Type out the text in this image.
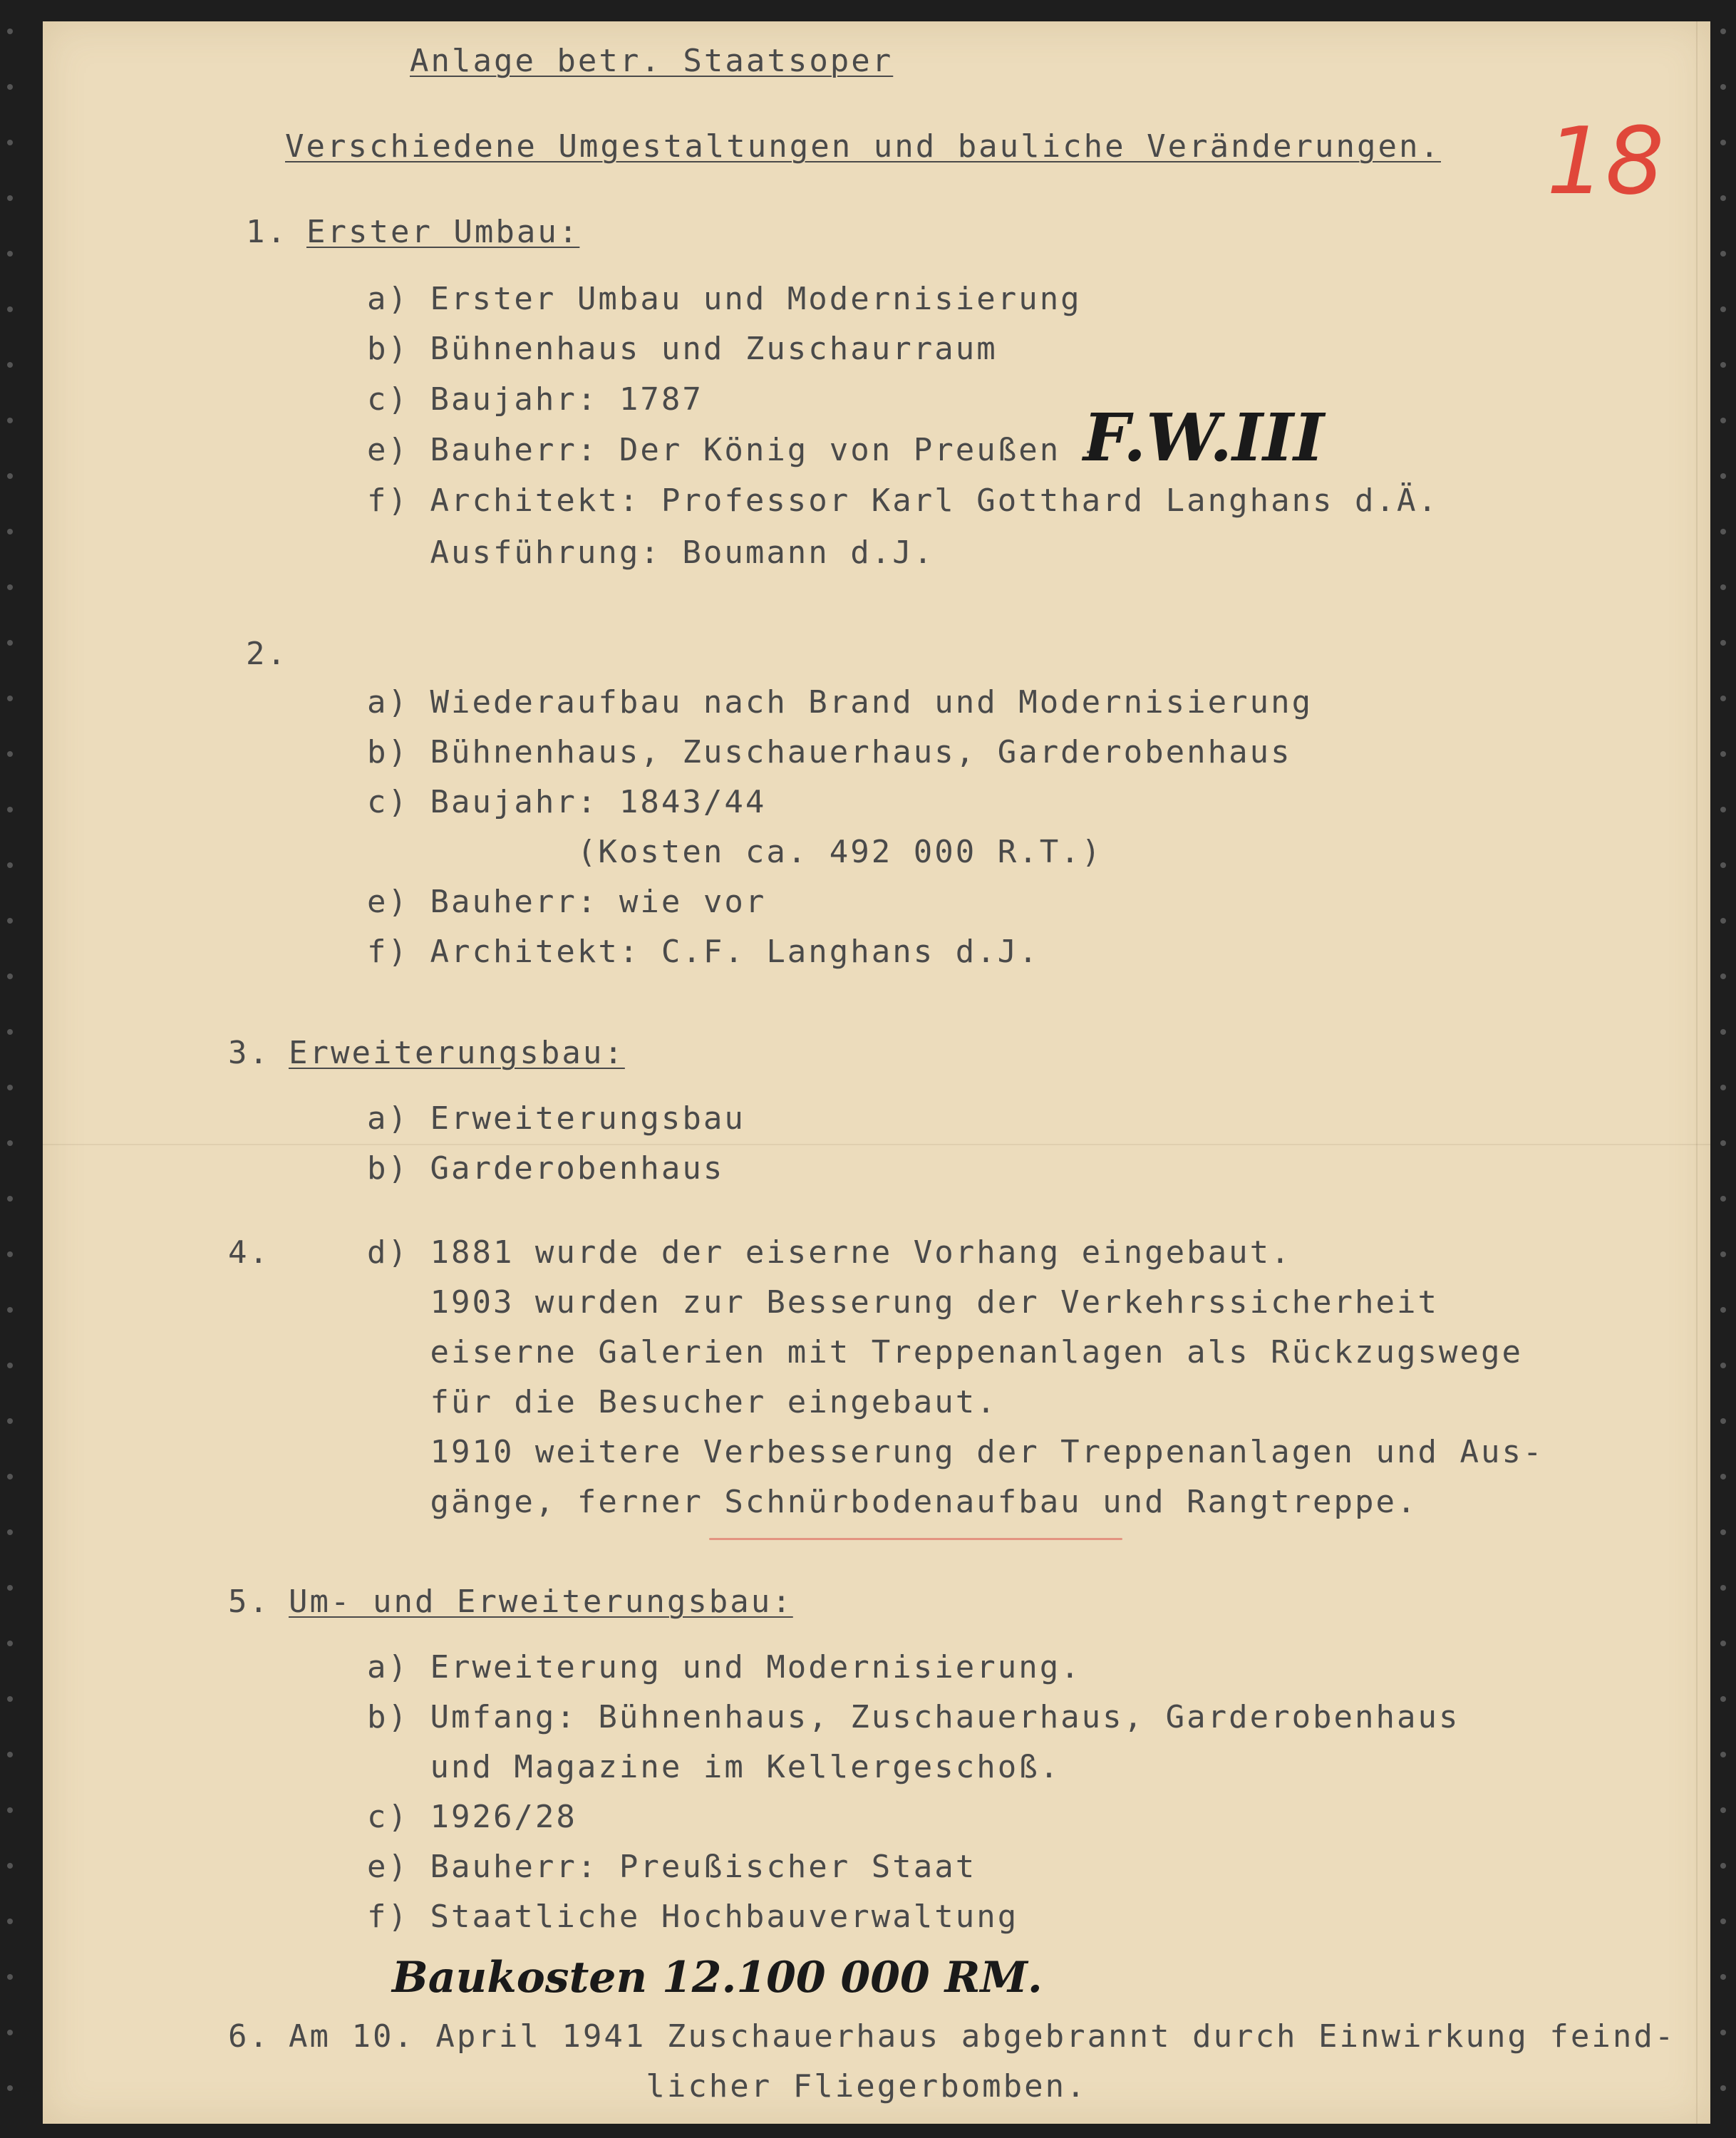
Anlage betr. Staatsoper
Verschiedene Umgestaltungen und bauliche Veränderungen. 18
1. Erster Umbau:
a) Erster Umbau und Modernisierung
b) Bühnenhaus und Zuschaurraum
c) Baujahr: 1787
e) Bauherr: Der König von Preußen -
F.W.III
f) Architekt: Professor Karl Gotthard Langhans d.Ä.
Ausführung: Boumann d.J.
2.
a) Wiederaufbau nach Brand und Modernisierung
b) Bühnenhaus, Zuschauerhaus, Garderobenhaus
c) Baujahr: 1843/44
(Kosten ca. 492 000 R.T.)
e) Bauherr: wie vor
f) Architekt: C.F. Langhans d.J.
3. Erweiterungsbau:
a) Erweiterungsbau
b) Garderobenhaus
4.	d) 1881 wurde der eiserne Vorhang eingebaut.
1903 wurden zur Besserung der Verkehrssicherheit
eiserne Galerien mit Treppenanlagen als Rückzugswege
für die Besucher eingebaut.
1910 weitere Verbesserung der Treppenanlagen und Aus-
gänge, ferner Schnürbodenaufbau und Rangtreppe.
5. Um- und Erweiterungsbau:
a) Erweiterung und Modernisierung.
b) Umfang: Bühnenhaus, Zuschauerhaus, Garderobenhaus
und Magazine im Kellergeschoß.
c) 1926/28
e) Bauherr: Preußischer Staat
f) Staatliche Hochbauverwaltung
Baukosten 12.100 000 RM.
6. Am 10. April 1941 Zuschauerhaus abgebrannt durch Einwirkung feind-
licher Fliegerbomben.
